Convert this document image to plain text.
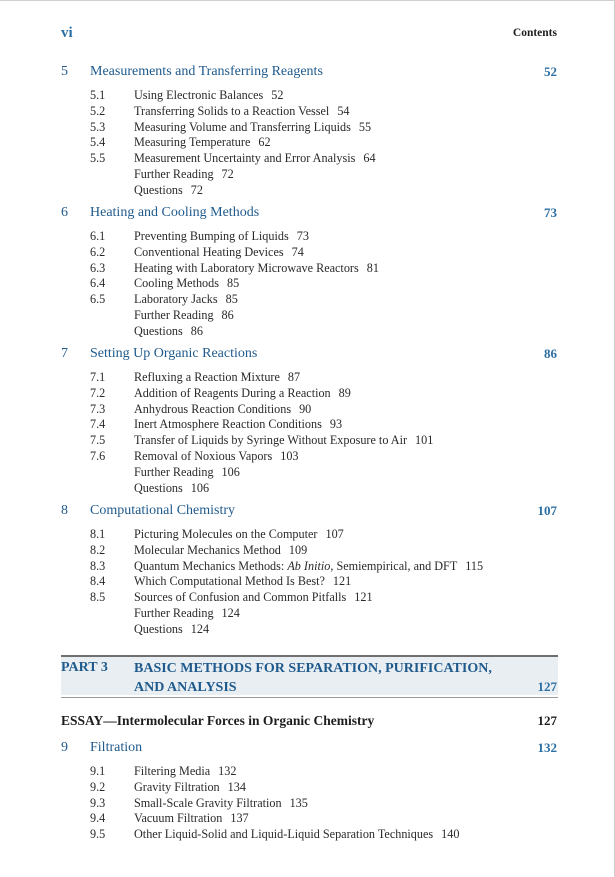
vi	Contents
5 Measurements and Transferring Reagents	52
5.1 Using Electronic Balances 52
5.2 Transferring Solids to a Reaction Vessel 54
5.3 Measuring Volume and Transferring Liquids 55
5.4 Measuring Temperature 62
5.5 Measurement Uncertainty and Error Analysis 64
Further Reading 72
Questions 72
6 Heating and Cooling Methods	73
6.1 Preventing Bumping of Liquids 73
6.2 Conventional Heating Devices 74
6.3 Heating with Laboratory Microwave Reactors 81
6.4 Cooling Methods 85
6.5 Laboratory Jacks 85
Further Reading 86
Questions 86
7 Setting Up Organic Reactions	86
7.1 Refluxing a Reaction Mixture 87
7.2 Addition of Reagents During a Reaction 89
7.3 Anhydrous Reaction Conditions 90
7.4 Inert Atmosphere Reaction Conditions 93
7.5 Transfer of Liquids by Syringe Without Exposure to Air 101
7.6 Removal of Noxious Vapors 103
Further Reading 106
Questions 106
8 Computational Chemistry	107
8.1 Picturing Molecules on the Computer 107
8.2 Molecular Mechanics Method 109
8.3 Quantum Mechanics Methods: Ab Initio, Semiempirical, and DFT 115
8.4 Which Computational Method Is Best? 121
8.5 Sources of Confusion and Common Pitfalls 121
Further Reading 124
Questions 124
PART 3 BASIC METHODS FOR SEPARATION, PURIFICATION,
AND ANALYSIS	127
ESSAY—Intermolecular Forces in Organic Chemistry	127
9 Filtration	132
9.1 Filtering Media 132
9.2 Gravity Filtration 134
9.3 Small-Scale Gravity Filtration 135
9.4 Vacuum Filtration 137
9.5 Other Liquid-Solid and Liquid-Liquid Separation Techniques 140
